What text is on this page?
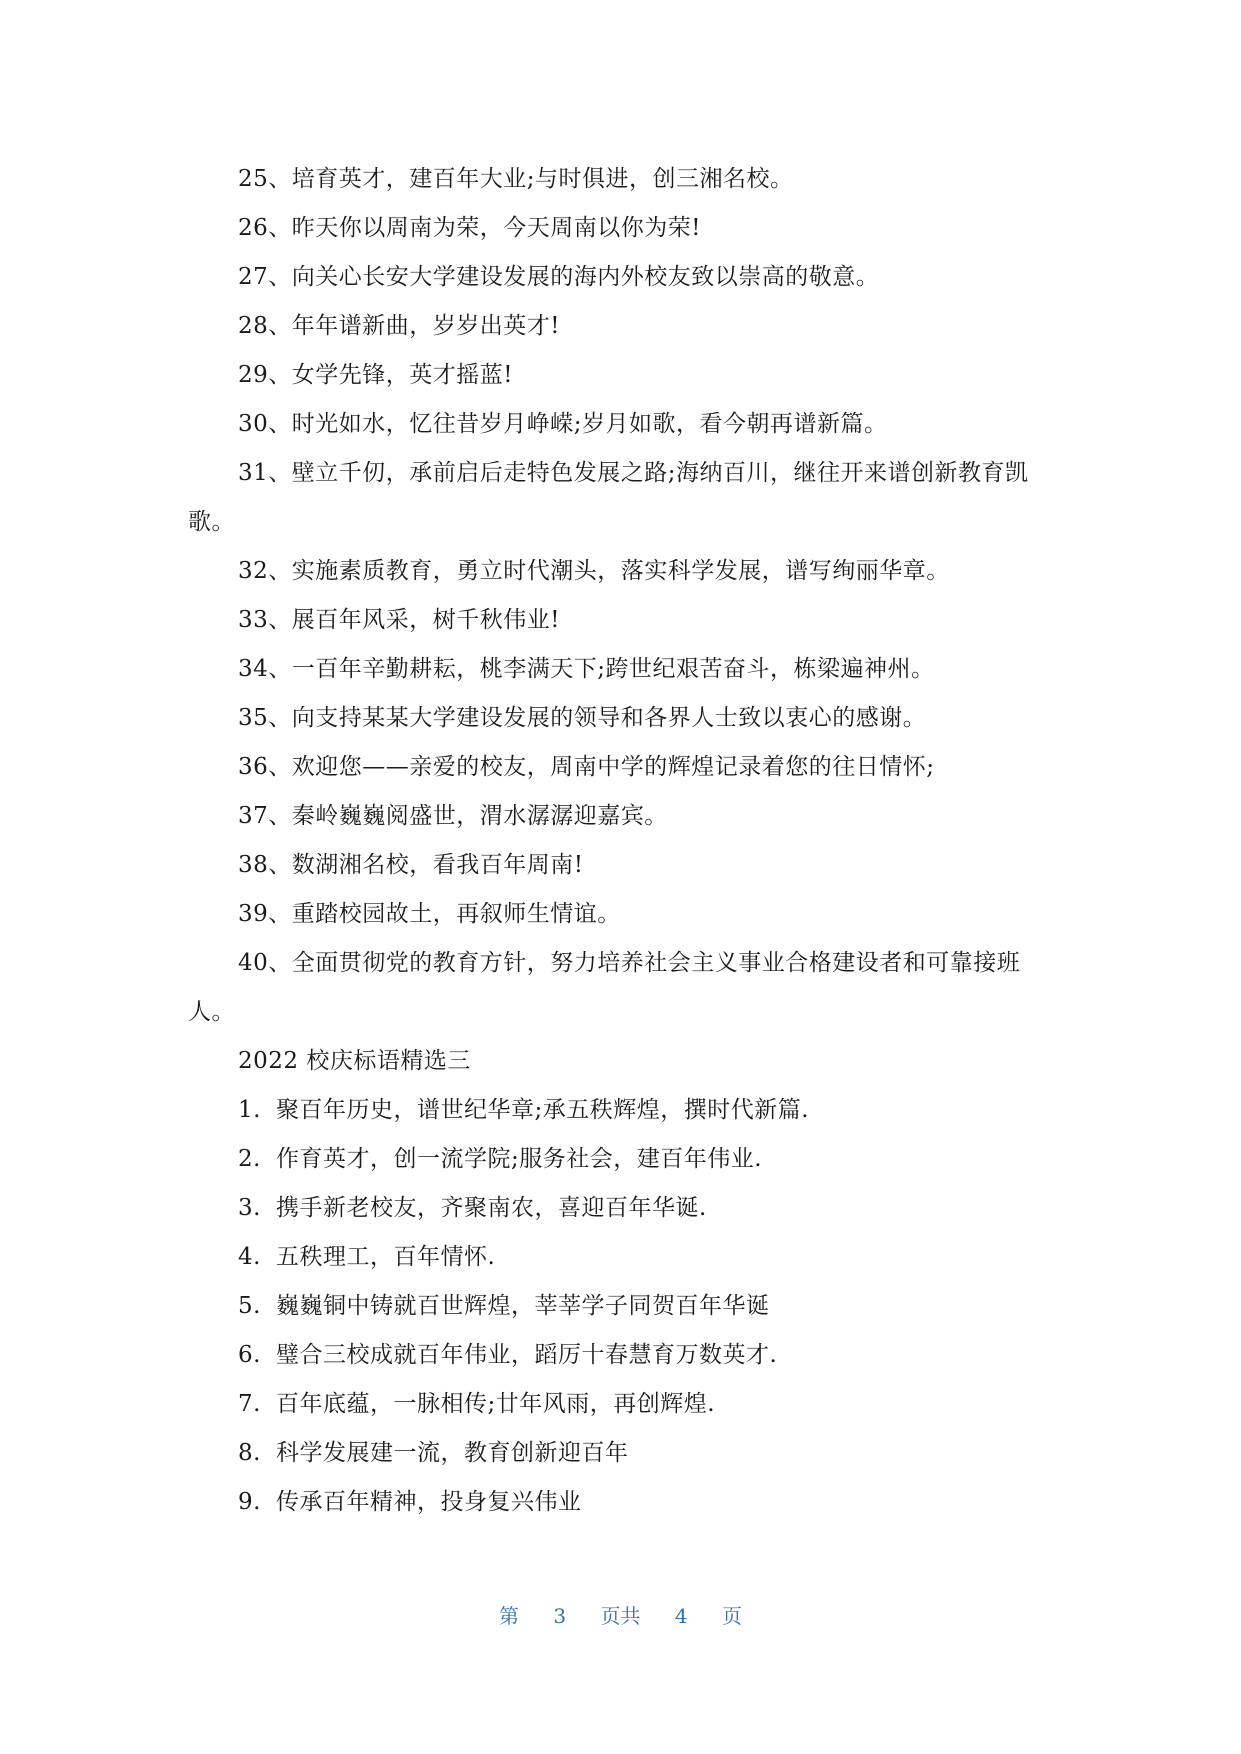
25、培育英才，建百年大业;与时俱进，创三湘名校。

26、昨天你以周南为荣，今天周南以你为荣!

27、向关心长安大学建设发展的海内外校友致以崇高的敬意。

28、年年谱新曲，岁岁出英才!

29、女学先锋，英才摇蓝!

30、时光如水，忆往昔岁月峥嵘;岁月如歌，看今朝再谱新篇。

31、壁立千仞，承前启后走特色发展之路;海纳百川，继往开来谱创新教育凯歌。

32、实施素质教育，勇立时代潮头，落实科学发展，谱写绚丽华章。

33、展百年风采，树千秋伟业!

34、一百年辛勤耕耘，桃李满天下;跨世纪艰苦奋斗，栋梁遍神州。

35、向支持某某大学建设发展的领导和各界人士致以衷心的感谢。

36、欢迎您——亲爱的校友，周南中学的辉煌记录着您的往日情怀;

37、秦岭巍巍阅盛世，渭水潺潺迎嘉宾。

38、数湖湘名校，看我百年周南!

39、重踏校园故土，再叙师生情谊。

40、全面贯彻党的教育方针，努力培养社会主义事业合格建设者和可靠接班人。

2022 校庆标语精选三

1. 聚百年历史，谱世纪华章;承五秩辉煌，撰时代新篇.
2. 作育英才，创一流学院;服务社会，建百年伟业.
3. 携手新老校友，齐聚南农，喜迎百年华诞.
4. 五秩理工，百年情怀.
5. 巍巍铜中铸就百世辉煌，莘莘学子同贺百年华诞
6. 璧合三校成就百年伟业，蹈厉十春慧育万数英才.
7. 百年底蕴，一脉相传;廿年风雨，再创辉煌.
8. 科学发展建一流，教育创新迎百年
9. 传承百年精神，投身复兴伟业
第 3 页共 4 页
